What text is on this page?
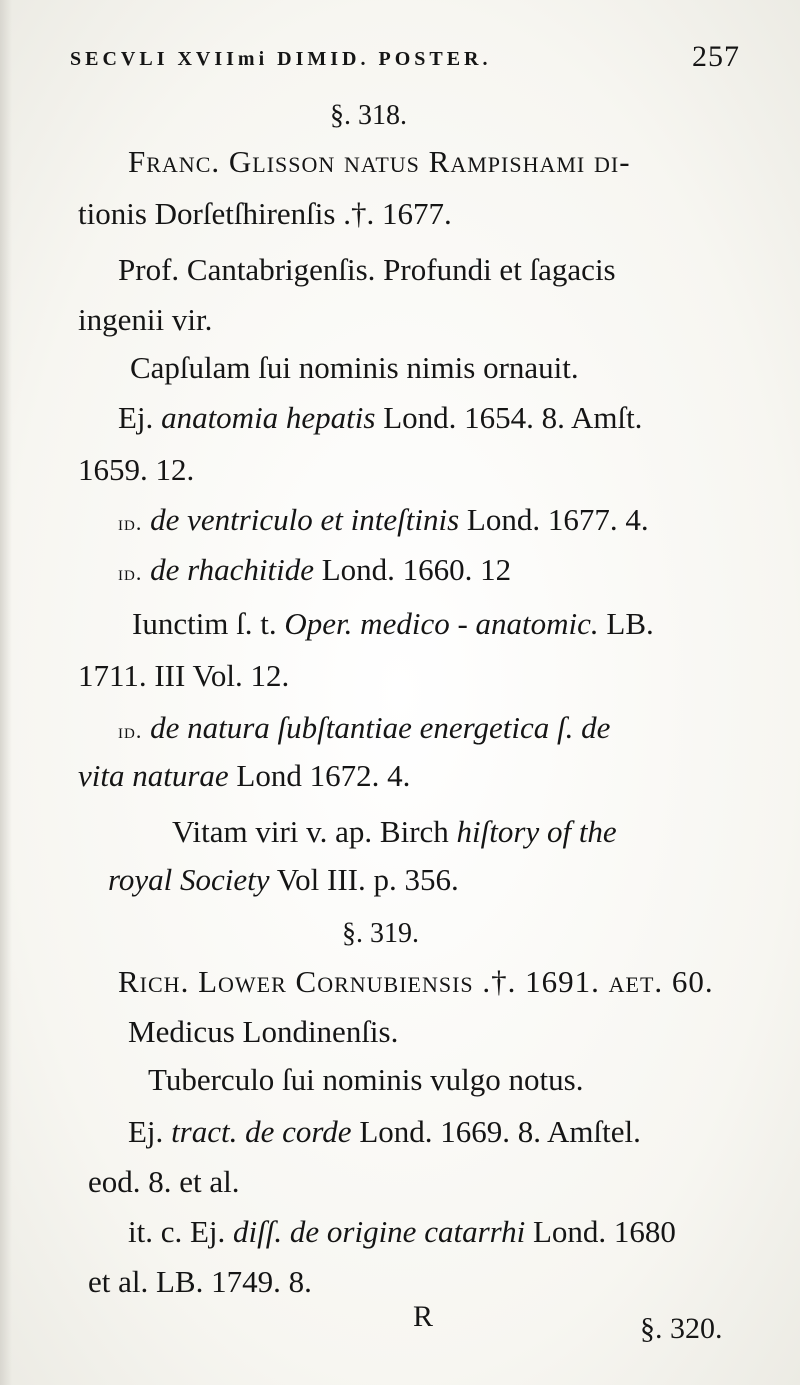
SECVLI XVIImi DIMID. POSTER.	257
§. 318.
Franc. Glisson natus Rampishami di-
tionis Dorſetſhirenſis .†. 1677.
Prof. Cantabrigenſis. Profundi et ſagacis
ingenii vir.
Capſulam ſui nominis nimis ornauit.
Ej. anatomia hepatis Lond. 1654. 8. Amſt.
1659. 12.
id. de ventriculo et inteſtinis Lond. 1677. 4.
id. de rhachitide Lond. 1660. 12
Iunctim ſ. t. Oper. medico - anatomic. LB.
1711. III Vol. 12.
id. de natura ſubſtantiae energetica ſ. de
vita naturae Lond 1672. 4.
Vitam viri v. ap. Birch hiſtory of the
royal Society Vol III. p. 356.
§. 319.
Rich. Lower Cornubienſis .†. 1691. aet. 60.
Medicus Londinenſis.
Tuberculo ſui nominis vulgo notus.
Ej. tract. de corde Lond. 1669. 8. Amſtel.
eod. 8. et al.
it. c. Ej. diſſ. de origine catarrhi Lond. 1680
et al. LB. 1749. 8.
R	§. 320.
